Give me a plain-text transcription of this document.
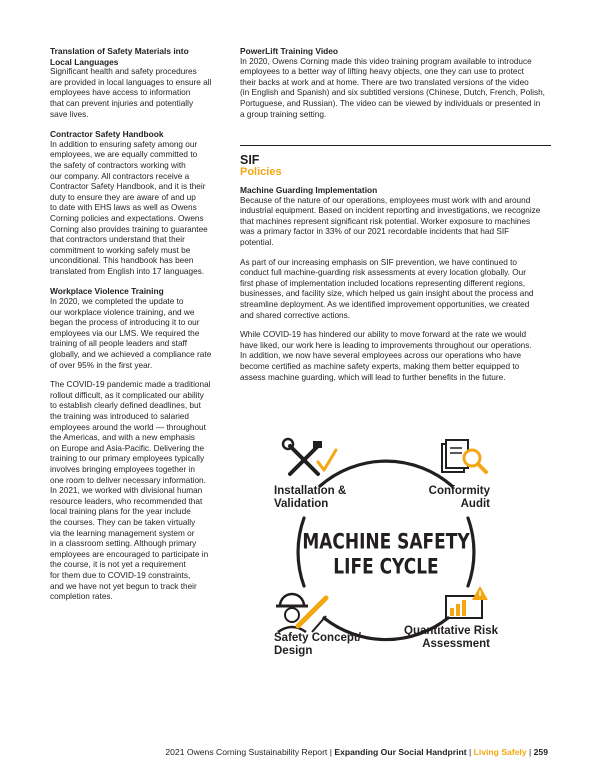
Translation of Safety Materials into
Local Languages

Significant health and safety procedures
are provided in local languages to ensure all
employees have access to information
that can prevent injuries and potentially
save lives.

Contractor Safety Handbook

In addition to ensuring safety among our
employees, we are equally committed to
the safety of contractors working with
our company. All contractors receive a
Contractor Safety Handbook, and it is their
duty to ensure they are aware of and up
to date with EHS laws as well as Owens
Corning policies and expectations. Owens
Corning also provides training to guarantee
that contractors understand that their
commitment to working safely must be
unconditional. This handbook has been
translated from English into 17 languages.

Workplace Violence Training

In 2020, we completed the update to
our workplace violence training, and we
began the process of introducing it to our
employees via our LMS. We required the
training of all people leaders and staff
globally, and we achieved a compliance rate
of over 95% in the first year.

The COVID-19 pandemic made a traditional
rollout difficult, as it complicated our ability
to establish clearly defined deadlines, but
the training was introduced to salaried
employees around the world — throughout
the Americas, and with a new emphasis
on Europe and Asia-Pacific. Delivering the
training to our primary employees typically
involves bringing employees together in
one room to deliver necessary information.
In 2021, we worked with divisional human
resource leaders, who recommended that
local training plans for the year include
the courses. They can be taken virtually
via the learning management system or
in a classroom setting. Although primary
employees are encouraged to participate in
the course, it is not yet a requirement
for them due to COVID-19 constraints,
and we have not yet begun to track their
completion rates.

PowerLift Training Video

In 2020, Owens Corning made this video training program available to introduce
employees to a better way of lifting heavy objects, one they can use to protect
their backs at work and at home. There are two translated versions of the video
(in English and Spanish) and six subtitled versions (Chinese, Dutch, French, Polish,
Portuguese, and Russian). The video can be viewed by individuals or presented in
a group training setting.

SIF
Policies
Machine Guarding Implementation

Because of the nature of our operations, employees must work with and around
industrial equipment. Based on incident reporting and investigations, we recognize
that machines represent significant risk potential. Worker exposure to machines
was a primary factor in 33% of our 2021 recordable incidents that had SIF
potential.

As part of our increasing emphasis on SIF prevention, we have continued to
conduct full machine-guarding risk assessments at every location globally. Our
first phase of implementation included locations representing different regions,
businesses, and facility size, which helped us gain insight about the process and
streamline deployment. As we identified improvement opportunities, we created
and shared corrective actions.

While COVID-19 has hindered our ability to move forward at the rate we would
have liked, our work here is leading to improvements throughout our operations.
In addition, we now have several employees across our operations who have
become certified as machine safety experts, making them better equipped to
assess machine guarding, which will lead to further benefits in the future.

Installation &
Validation
Conformity
Audit
MACHINE SAFETY
LIFE CYCLE
Safety Concept/
Design
Quantitative Risk
Assessment
2021 Owens Corning Sustainability Report | Expanding Our Social Handprint | Living Safely | 259
